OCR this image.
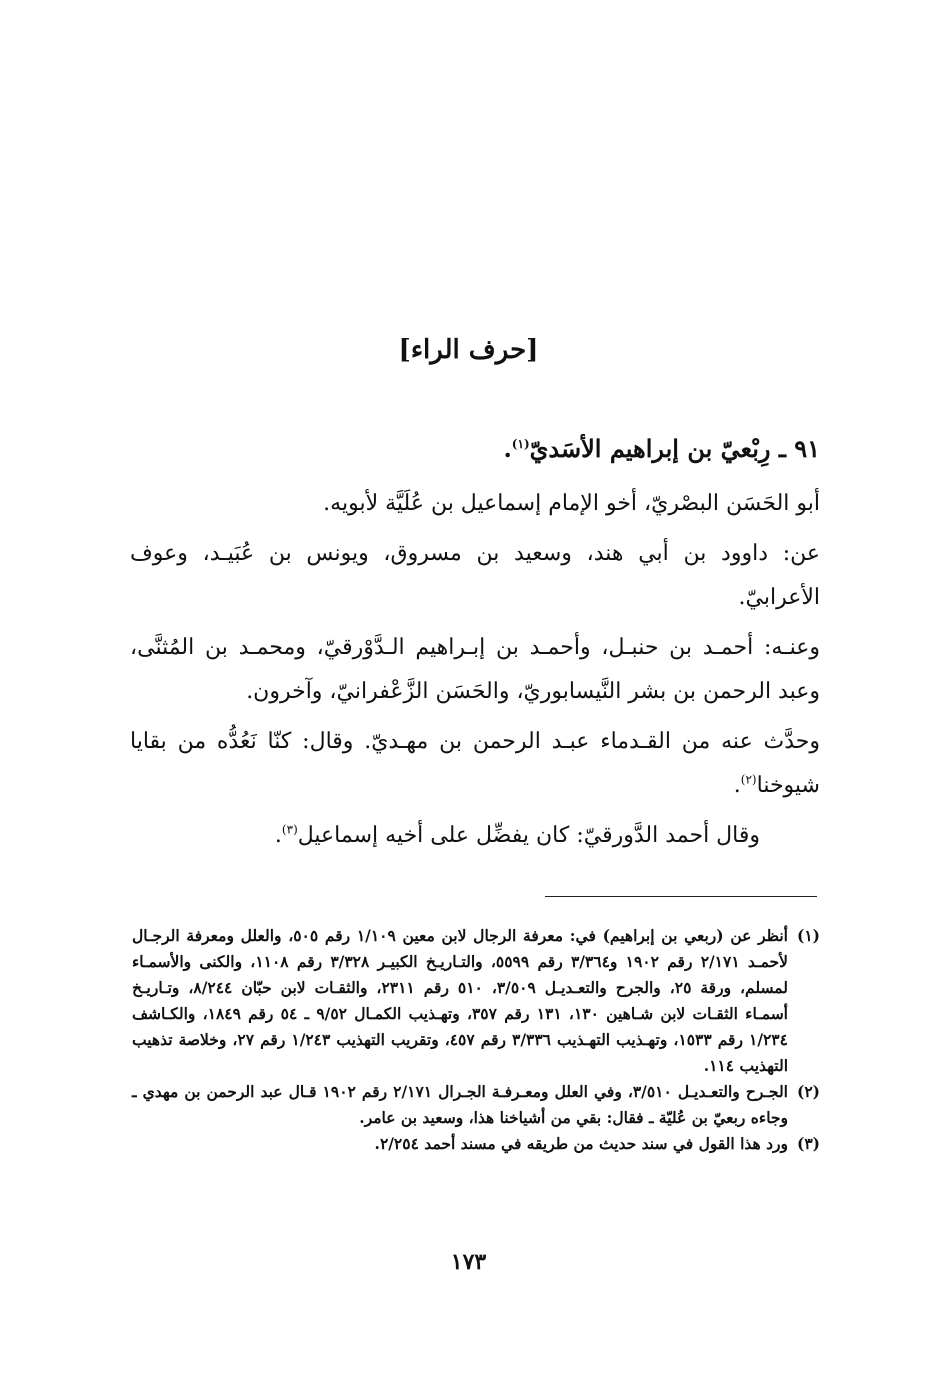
[حرف الراء]
٩١ ـ رِبْعيّ بن إبراهيم الأسَديّ$^{(١)}$.

أبو الحَسَن البصْريّ، أخو الإمام إسماعيل بن عُلَيَّة لأبويه.

عن: داوود بن أبي هند، وسعيد بن مسروق، ويونس بن عُبَيـد، وعوف الأعرابيّ.

وعنـه: أحمـد بن حنبـل، وأحمـد بن إبـراهيم الـدَّوْرقيّ، ومحمـد بن المُثنَّى، وعبد الرحمن بن بشر النَّيسابوريّ، والحَسَن الزَّعْفرانيّ، وآخرون.

وحدَّث عنه من القـدماء عبـد الرحمن بن مهـديّ. وقال: كنّا نَعُدُّه من بقايا شيوخنا$^{(٢)}$.

وقال أحمد الدَّورقيّ: كان يفضِّل على أخيه إسماعيل$^{(٣)}$.

(١)
أنظر عن (ربعي بن إبراهيم) في: معرفة الرجال لابن معين ١/١٠٩ رقم ٥٠٥، والعلل ومعرفة الرجـال لأحمـد ٢/١٧١ رقم ١٩٠٢ و٣/٣٦٤ رقم ٥٥٩٩، والتـاريـخ الكبيـر ٣/٣٢٨ رقم ١١٠٨، والكنى والأسمـاء لمسلم، ورقة ٢٥، والجرح والتعـديـل ٣/٥٠٩، ٥١٠ رقم ٢٣١١، والثقـات لابن حبّان ٨/٢٤٤، وتـاريـخ أسمـاء الثقـات لابن شـاهين ١٣٠، ١٣١ رقم ٣٥٧، وتهـذيب الكمـال ٩/٥٢ ـ ٥٤ رقم ١٨٤٩، والكـاشف ١/٢٣٤ رقم ١٥٣٣، وتهـذيب التهـذيب ٣/٣٣٦ رقم ٤٥٧، وتقريب التهذيب ١/٢٤٣ رقم ٢٧، وخلاصة تذهيب التهذيب ١١٤.
(٢)
الجـرح والتعـديـل ٣/٥١٠، وفي العلل ومعـرفـة الجـرال ٢/١٧١ رقم ١٩٠٢ قـال عبد الرحمن بن مهدي ـ وجاءه ربعيّ بن عُليّة ـ فقال: بقي من أشياخنا هذا، وسعيد بن عامر.
(٣)
ورد هذا القول في سند حديث من طريقه في مسند أحمد ٢/٢٥٤.
١٧٣
